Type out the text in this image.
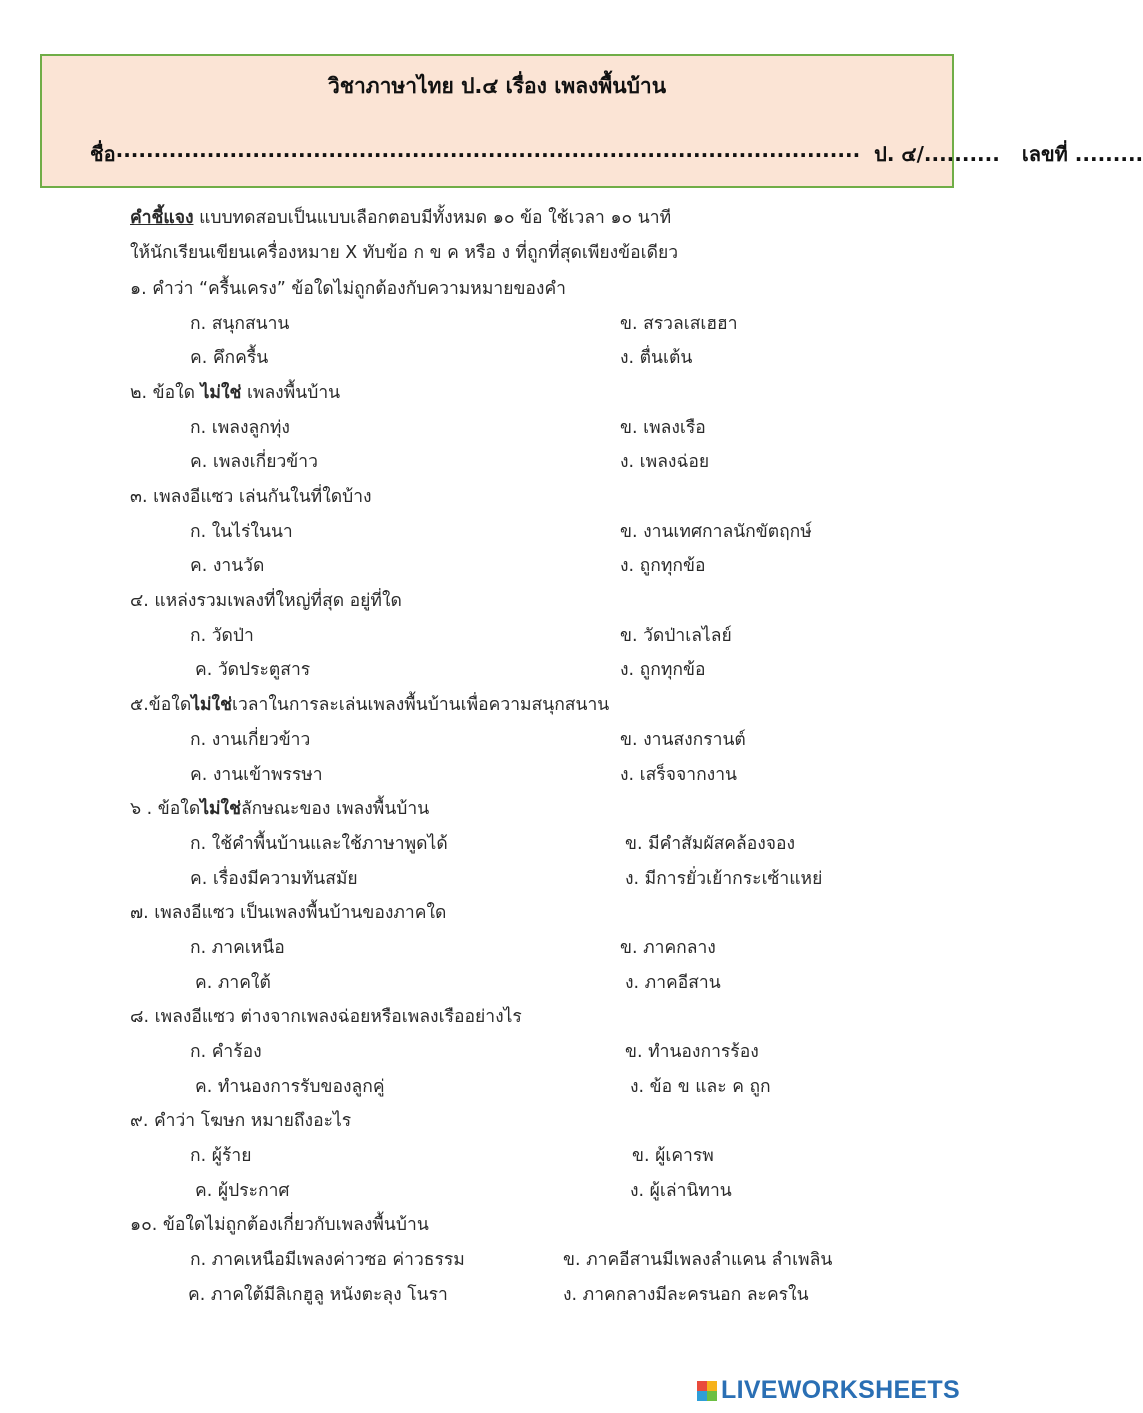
วิชาภาษาไทย ป.๔ เรื่อง เพลงพื้นบ้าน
ชื่อ .................................................................................................. ป. ๔/.......... เลขที่ .........
คำชี้แจง แบบทดสอบเป็นแบบเลือกตอบมีทั้งหมด ๑๐ ข้อ ใช้เวลา ๑๐ นาที
ให้นักเรียนเขียนเครื่องหมาย X ทับข้อ ก ข ค หรือ ง ที่ถูกที่สุดเพียงข้อเดียว
๑. คำว่า “ครื้นเครง” ข้อใดไม่ถูกต้องกับความหมายของคำ
ก. สนุกสนาน	ข. สรวลเสเฮฮา
ค. คึกครื้น	ง. ตื่นเต้น
๒. ข้อใด ไม่ใช่ เพลงพื้นบ้าน
ก. เพลงลูกทุ่ง	ข. เพลงเรือ
ค. เพลงเกี่ยวข้าว	ง. เพลงฉ่อย
๓. เพลงอีแซว เล่นกันในที่ใดบ้าง
ก. ในไร่ในนา	ข. งานเทศกาลนักขัตฤกษ์
ค. งานวัด	ง. ถูกทุกข้อ
๔. แหล่งรวมเพลงที่ใหญ่ที่สุด อยู่ที่ใด
ก. วัดป่า	ข. วัดป่าเลไลย์
ค. วัดประตูสาร	ง. ถูกทุกข้อ
๕.ข้อใดไม่ใช่เวลาในการละเล่นเพลงพื้นบ้านเพื่อความสนุกสนาน
ก. งานเกี่ยวข้าว	ข. งานสงกรานต์
ค. งานเข้าพรรษา	ง. เสร็จจากงาน
๖ . ข้อใดไม่ใช่ลักษณะของ เพลงพื้นบ้าน
ก. ใช้คำพื้นบ้านและใช้ภาษาพูดได้	ข. มีคำสัมผัสคล้องจอง
ค. เรื่องมีความทันสมัย	ง. มีการยั่วเย้ากระเซ้าแหย่
๗. เพลงอีแซว เป็นเพลงพื้นบ้านของภาคใด
ก. ภาคเหนือ	ข. ภาคกลาง
ค. ภาคใต้	ง. ภาคอีสาน
๘. เพลงอีแซว ต่างจากเพลงฉ่อยหรือเพลงเรืออย่างไร
ก. คำร้อง	ข. ทำนองการร้อง
ค. ทำนองการรับของลูกคู่	ง. ข้อ ข และ ค ถูก
๙. คำว่า โฆษก หมายถึงอะไร
ก. ผู้ร้าย	ข. ผู้เคารพ
ค. ผู้ประกาศ	ง. ผู้เล่านิทาน
๑๐. ข้อใดไม่ถูกต้องเกี่ยวกับเพลงพื้นบ้าน
ก. ภาคเหนือมีเพลงค่าวซอ ค่าวธรรม	ข. ภาคอีสานมีเพลงลำแคน ลำเพลิน
ค. ภาคใต้มีลิเกฮูลู หนังตะลุง โนรา	ง. ภาคกลางมีละครนอก ละครใน
LIVEWORKSHEETS
